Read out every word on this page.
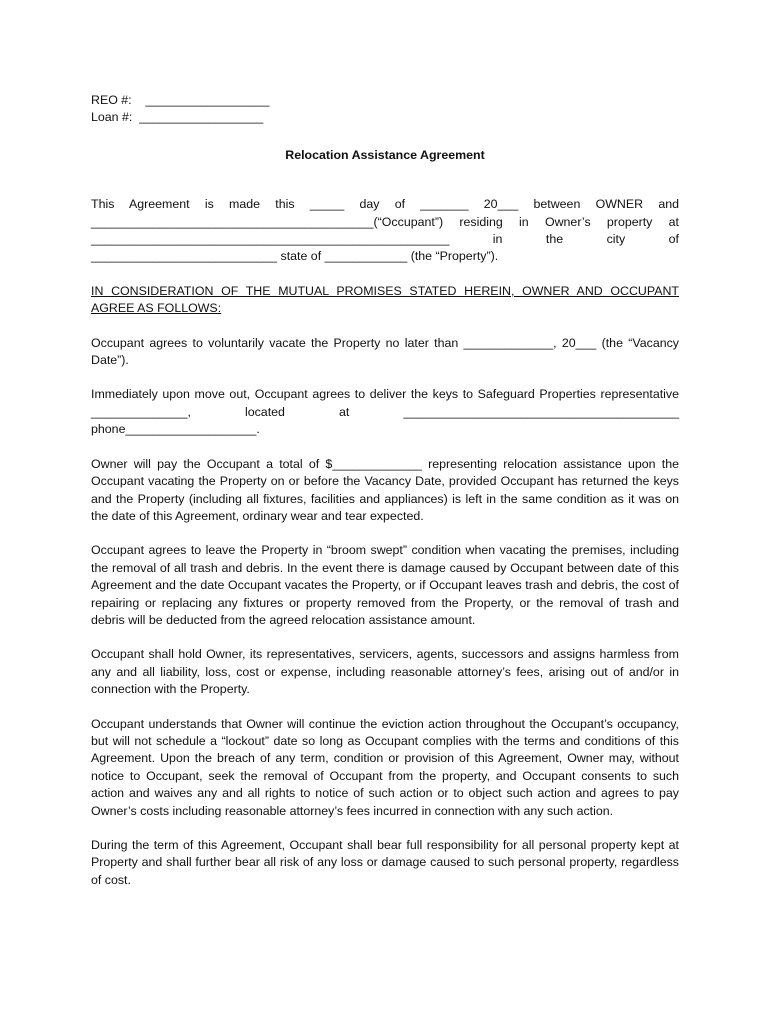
REO #:    __________________
Loan #:  __________________
Relocation Assistance Agreement
This Agreement is made this _____ day of _______ 20___ between OWNER and
_________________________________________(“Occupant”) residing in Owner’s property at
____________________________________________________ in the city of
___________________________ state of ____________ (the “Property”).
IN CONSIDERATION OF THE MUTUAL PROMISES STATED HEREIN, OWNER AND OCCUPANT AGREE AS FOLLOWS:
Occupant agrees to voluntarily vacate the Property no later than _____________, 20___ (the “Vacancy Date”).
Immediately upon move out, Occupant agrees to deliver the keys to Safeguard Properties representative ______________, located at ________________________________________ phone___________________.
Owner will pay the Occupant a total of $_____________ representing relocation assistance upon the Occupant vacating the Property on or before the Vacancy Date, provided Occupant has returned the keys and the Property (including all fixtures, facilities and appliances) is left in the same condition as it was on the date of this Agreement, ordinary wear and tear expected.
Occupant agrees to leave the Property in “broom swept” condition when vacating the premises, including the removal of all trash and debris. In the event there is damage caused by Occupant between date of this Agreement and the date Occupant vacates the Property, or if Occupant leaves trash and debris, the cost of repairing or replacing any fixtures or property removed from the Property, or the removal of trash and debris will be deducted from the agreed relocation assistance amount.
Occupant shall hold Owner, its representatives, servicers, agents, successors and assigns harmless from any and all liability, loss, cost or expense, including reasonable attorney’s fees, arising out of and/or in connection with the Property.
Occupant understands that Owner will continue the eviction action throughout the Occupant’s occupancy, but will not schedule a “lockout” date so long as Occupant complies with the terms and conditions of this Agreement. Upon the breach of any term, condition or provision of this Agreement, Owner may, without notice to Occupant, seek the removal of Occupant from the property, and Occupant consents to such action and waives any and all rights to notice of such action or to object such action and agrees to pay Owner’s costs including reasonable attorney’s fees incurred in connection with any such action.
During the term of this Agreement, Occupant shall bear full responsibility for all personal property kept at Property and shall further bear all risk of any loss or damage caused to such personal property, regardless of cost.
